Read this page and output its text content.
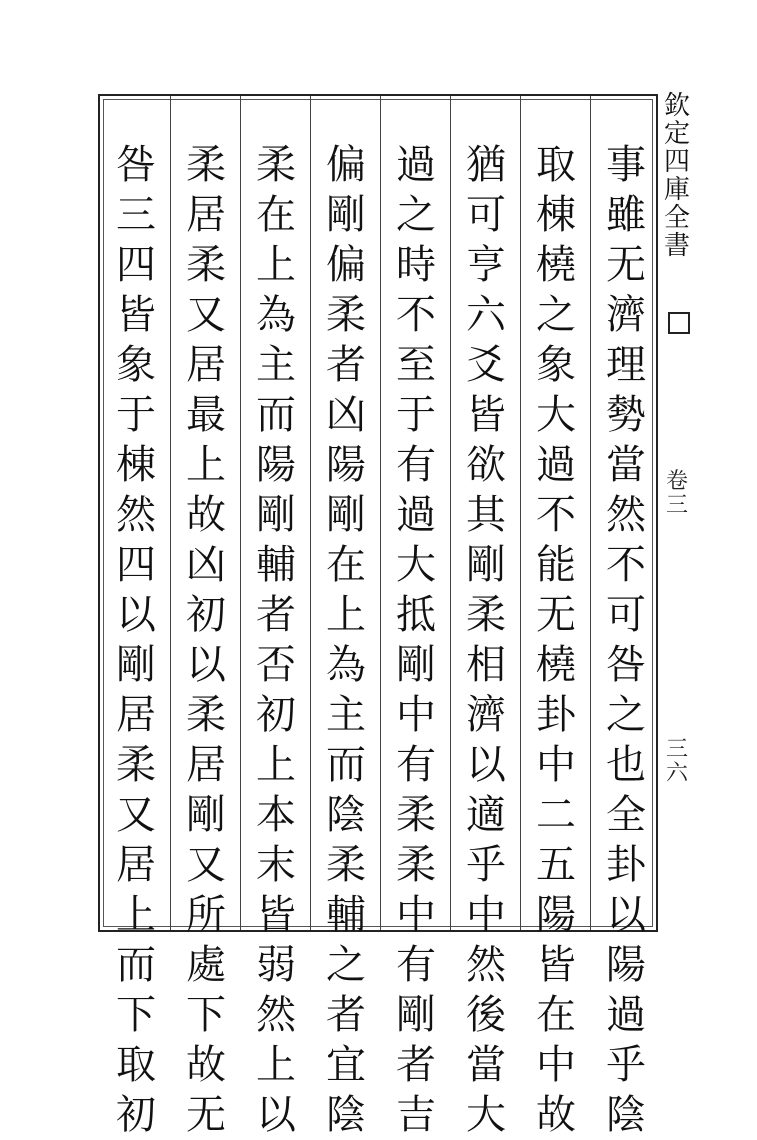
事雖无濟理勢當然不可咎之也全卦以陽過乎陰
取棟橈之象大過不能无橈卦中二五陽皆在中故
猶可亨六爻皆欲其剛柔相濟以適乎中然後當大
過之時不至于有過大抵剛中有柔柔中有剛者吉
偏剛偏柔者凶陽剛在上為主而陰柔輔之者宜陰
柔在上為主而陽剛輔者否初上本末皆弱然上以
柔居柔又居最上故凶初以柔居剛又所處下故无
咎三四皆象于棟然四以剛居柔又居上而下取初
欽定四庫全書
卷三
三六
